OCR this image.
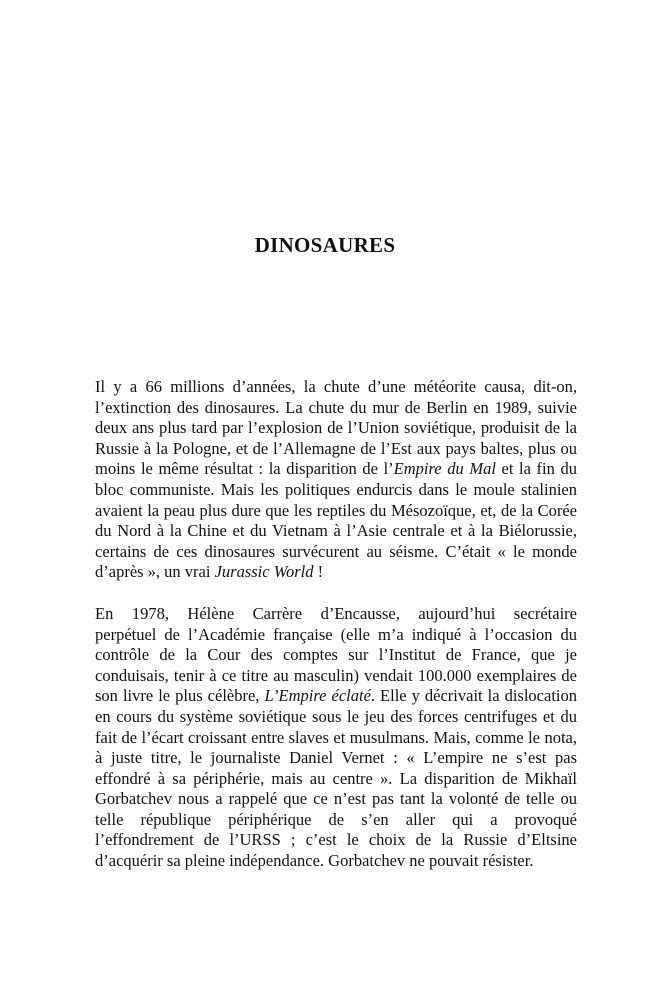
DINOSAURES
Il y a 66 millions d’années, la chute d’une météorite causa, dit-on,
l’extinction des dinosaures. La chute du mur de Berlin en 1989, suivie
deux ans plus tard par l’explosion de l’Union soviétique, produisit de la
Russie à la Pologne, et de l’Allemagne de l’Est aux pays baltes, plus ou
moins le même résultat : la disparition de l’Empire du Mal et la fin du
bloc communiste. Mais les politiques endurcis dans le moule stalinien
avaient la peau plus dure que les reptiles du Mésozoïque, et, de la Corée
du Nord à la Chine et du Vietnam à l’Asie centrale et à la Biélorussie,
certains de ces dinosaures survécurent au séisme. C’était « le monde
d’après », un vrai Jurassic World !
En 1978, Hélène Carrère d’Encausse, aujourd’hui secrétaire
perpétuel de l’Académie française (elle m’a indiqué à l’occasion du
contrôle de la Cour des comptes sur l’Institut de France, que je
conduisais, tenir à ce titre au masculin) vendait 100.000 exemplaires de
son livre le plus célèbre, L’Empire éclaté. Elle y décrivait la dislocation
en cours du système soviétique sous le jeu des forces centrifuges et du
fait de l’écart croissant entre slaves et musulmans. Mais, comme le nota,
à juste titre, le journaliste Daniel Vernet : « L’empire ne s’est pas
effondré à sa périphérie, mais au centre ». La disparition de Mikhaïl
Gorbatchev nous a rappelé que ce n’est pas tant la volonté de telle ou
telle république périphérique de s’en aller qui a provoqué
l’effondrement de l’URSS ; c’est le choix de la Russie d’Eltsine
d’acquérir sa pleine indépendance. Gorbatchev ne pouvait résister.
